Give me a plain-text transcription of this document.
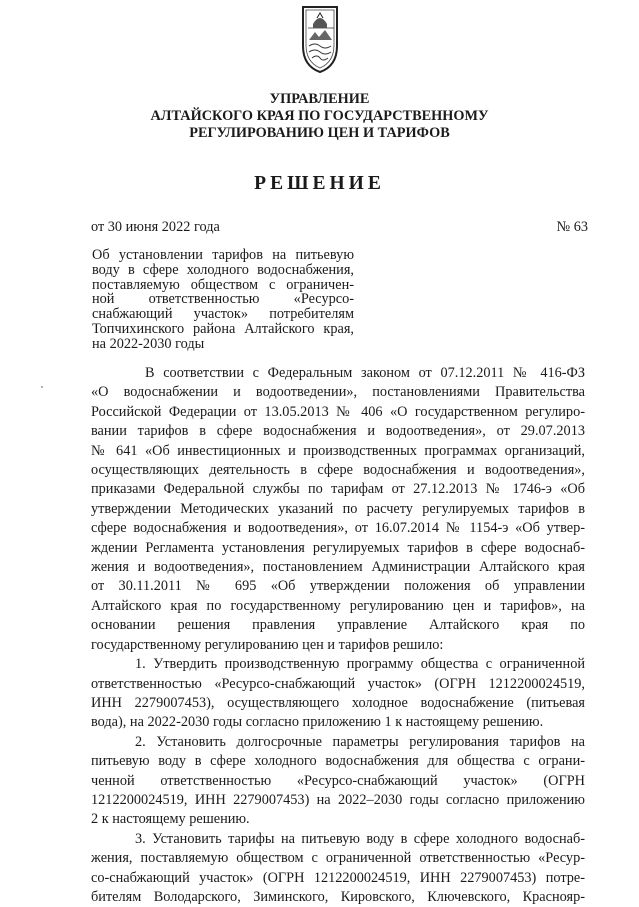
УПРАВЛЕНИЕ
АЛТАЙСКОГО КРАЯ ПО ГОСУДАРСТВЕННОМУ
РЕГУЛИРОВАНИЮ ЦЕН И ТАРИФОВ
РЕШЕНИЕ
от 30 июня 2022 года	№ 63
Об установлении тарифов на питьевую
воду в сфере холодного водоснабжения,
поставляемую обществом с ограничен-
ной ответственностью «Ресурсо-
снабжающий участок» потребителям
Топчихинского района Алтайского края,
на 2022-2030 годы
В соответствии с Федеральным законом от 07.12.2011 № 416-ФЗ
«О водоснабжении и водоотведении», постановлениями Правительства
Российской Федерации от 13.05.2013 № 406 «О государственном регулиро-
вании тарифов в сфере водоснабжения и водоотведения», от 29.07.2013
№ 641 «Об инвестиционных и производственных программах организаций,
осуществляющих деятельность в сфере водоснабжения и водоотведения»,
приказами Федеральной службы по тарифам от 27.12.2013 № 1746-э «Об
утверждении Методических указаний по расчету регулируемых тарифов в
сфере водоснабжения и водоотведения», от 16.07.2014 № 1154-э «Об утвер-
ждении Регламента установления регулируемых тарифов в сфере водоснаб-
жения и водоотведения», постановлением Администрации Алтайского края
от 30.11.2011 № 695 «Об утверждении положения об управлении
Алтайского края по государственному регулированию цен и тарифов», на
основании решения правления управление Алтайского края по
государственному регулированию цен и тарифов решило:
1. Утвердить производственную программу общества с ограниченной
ответственностью «Ресурсо-снабжающий участок» (ОГРН 1212200024519,
ИНН 2279007453), осуществляющего холодное водоснабжение (питьевая
вода), на 2022-2030 годы согласно приложению 1 к настоящему решению.
2. Установить долгосрочные параметры регулирования тарифов на
питьевую воду в сфере холодного водоснабжения для общества с ограни-
ченной ответственностью «Ресурсо-снабжающий участок» (ОГРН
1212200024519, ИНН 2279007453) на 2022–2030 годы согласно приложению
2 к настоящему решению.
3. Установить тарифы на питьевую воду в сфере холодного водоснаб-
жения, поставляемую обществом с ограниченной ответственностью «Ресур-
со-снабжающий участок» (ОГРН 1212200024519, ИНН 2279007453) потре-
бителям Володарского, Зиминского, Кировского, Ключевского, Краснояр-
